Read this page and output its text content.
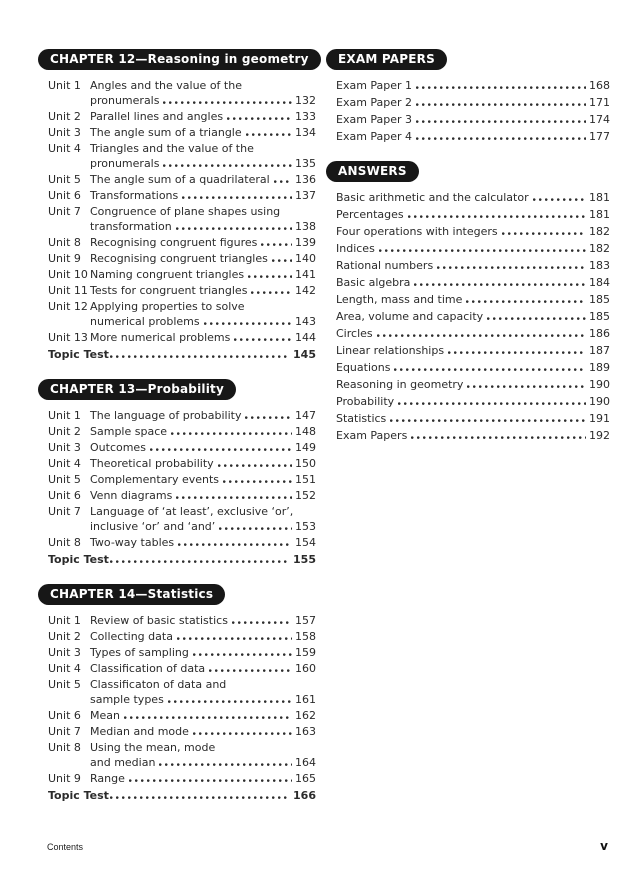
CHAPTER 12—Reasoning in geometry
Unit 1 Angles and the value of the
pronumerals	132
Unit 2 Parallel lines and angles	133
Unit 3 The angle sum of a triangle	134
Unit 4 Triangles and the value of the
pronumerals	135
Unit 5 The angle sum of a quadrilateral 136
Unit 6 Transformations	137
Unit 7 Congruence of plane shapes using
transformation	138
Unit 8 Recognising congruent figures	139
Unit 9 Recognising congruent triangles 140
Unit 10 Naming congruent triangles	141
Unit 11 Tests for congruent triangles	142
Unit 12 Applying properties to solve
numerical problems	143
Unit 13 More numerical problems	144
Topic Test	145
CHAPTER 13—Probability
Unit 1 The language of probability	147
Unit 2 Sample space	148
Unit 3 Outcomes	149
Unit 4 Theoretical probability	150
Unit 5 Complementary events	151
Unit 6 Venn diagrams	152
Unit 7 Language of ‘at least’, exclusive ‘or’,
inclusive ‘or’ and ‘and’	153
Unit 8 Two-way tables	154
Topic Test	155
CHAPTER 14—Statistics
Unit 1 Review of basic statistics	157
Unit 2 Collecting data	158
Unit 3 Types of sampling	159
Unit 4 Classification of data	160
Unit 5 Classificaton of data and
sample types	161
Unit 6 Mean	162
Unit 7 Median and mode	163
Unit 8 Using the mean, mode
and median	164
Unit 9 Range	165
Topic Test	166
EXAM PAPERS
Exam Paper 1	168
Exam Paper 2	171
Exam Paper 3	174
Exam Paper 4	177
ANSWERS
Basic arithmetic and the calculator	181
Percentages	181
Four operations with integers	182
Indices	182
Rational numbers	183
Basic algebra	184
Length, mass and time	185
Area, volume and capacity	185
Circles	186
Linear relationships	187
Equations	189
Reasoning in geometry	190
Probability	190
Statistics	191
Exam Papers	192
Contents	v
